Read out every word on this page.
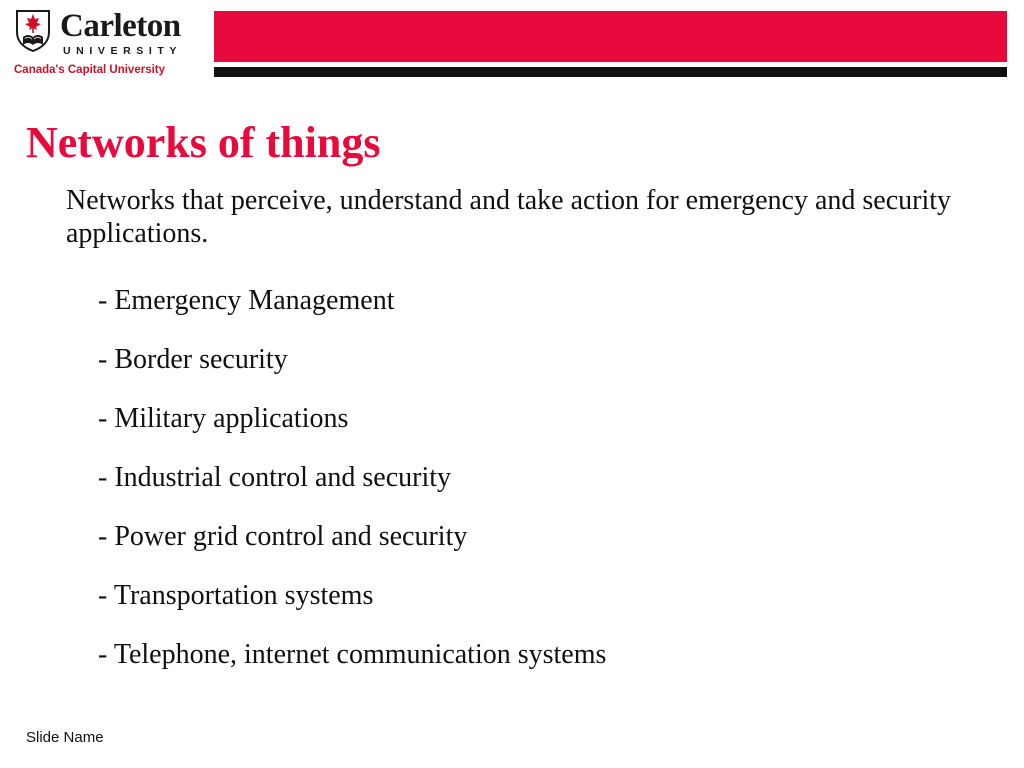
Carleton
UNIVERSITY
Canada's Capital University
Networks of things

Networks that perceive, understand and take action for emergency and security applications.

- Emergency Management
- Border security
- Military applications
- Industrial control and security
- Power grid control and security
- Transportation systems
- Telephone, internet communication systems
Slide Name
